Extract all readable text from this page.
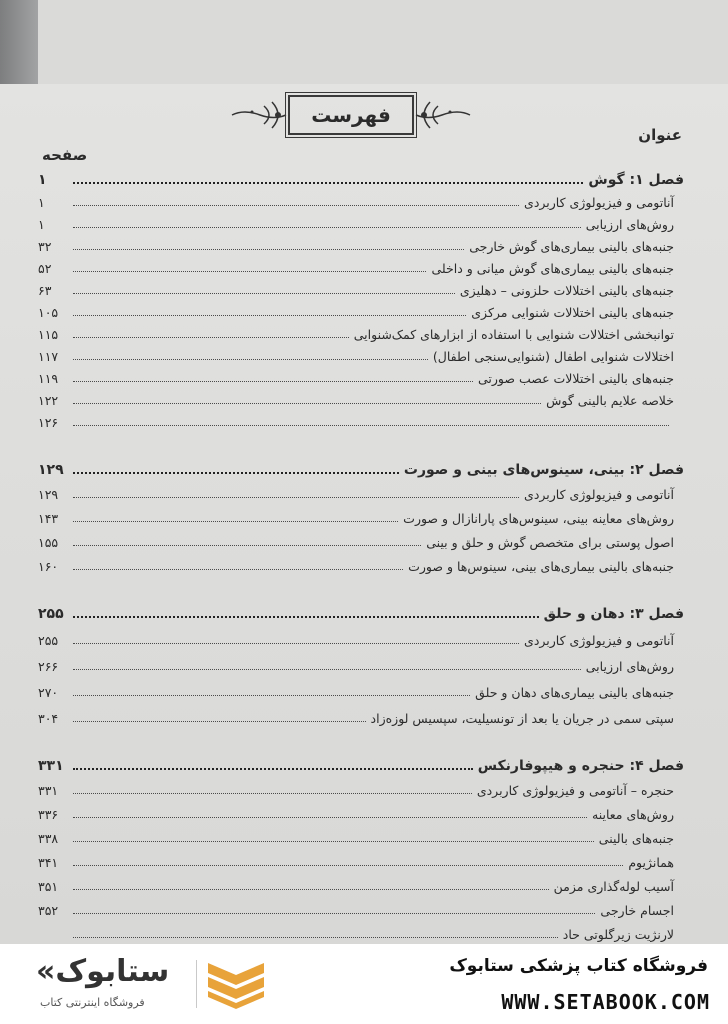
فهرست
عنوان
صفحه
فصل ۱: گوش
۱
آناتومی و فیزیولوژی کاربردی
۱
روش‌های ارزیابی
۱
جنبه‌های بالینی بیماری‌های گوش خارجی
۳۲
جنبه‌های بالینی بیماری‌های گوش میانی و داخلی
۵۲
جنبه‌های بالینی اختلالات حلزونی – دهلیزی
۶۳
جنبه‌های بالینی اختلالات شنوایی مرکزی
۱۰۵
توانبخشی اختلالات شنوایی با استفاده از ابزارهای کمک‌شنوایی
۱۱۵
اختلالات شنوایی اطفال (شنوایی‌سنجی اطفال)
۱۱۷
جنبه‌های بالینی اختلالات عصب صورتی
۱۱۹
خلاصه علایم بالینی گوش
۱۲۲
۱۲۶
فصل ۲: بینی، سینوس‌های بینی و صورت
۱۲۹
آناتومی و فیزیولوژی کاربردی
۱۲۹
روش‌های معاینه بینی، سینوس‌های پارانازال و صورت
۱۴۳
اصول پوستی برای متخصص گوش و حلق و بینی
۱۵۵
جنبه‌های بالینی بیماری‌های بینی، سینوس‌ها و صورت
۱۶۰
فصل ۳: دهان و حلق
۲۵۵
آناتومی و فیزیولوژی کاربردی
۲۵۵
روش‌های ارزیابی
۲۶۶
جنبه‌های بالینی بیماری‌های دهان و حلق
۲۷۰
سپتی سمی در جریان یا بعد از تونسیلیت، سپسیس لوزه‌زاد
۳۰۴
فصل ۴: حنجره و هیپوفارنکس
۳۳۱
حنجره – آناتومی و فیزیولوژی کاربردی
۳۳۱
روش‌های معاینه
۳۳۶
جنبه‌های بالینی
۳۳۸
همانژیوم
۳۴۱
آسیب لوله‌گذاری مزمن
۳۵۱
اجسام خارجی
۳۵۲
لارنژیت زیرگلوتی حاد
فروشگاه کتاب پزشکی ستابوک
WWW.SETABOOK.COM
«ستابوک
فروشگاه اینترنتی کتاب
